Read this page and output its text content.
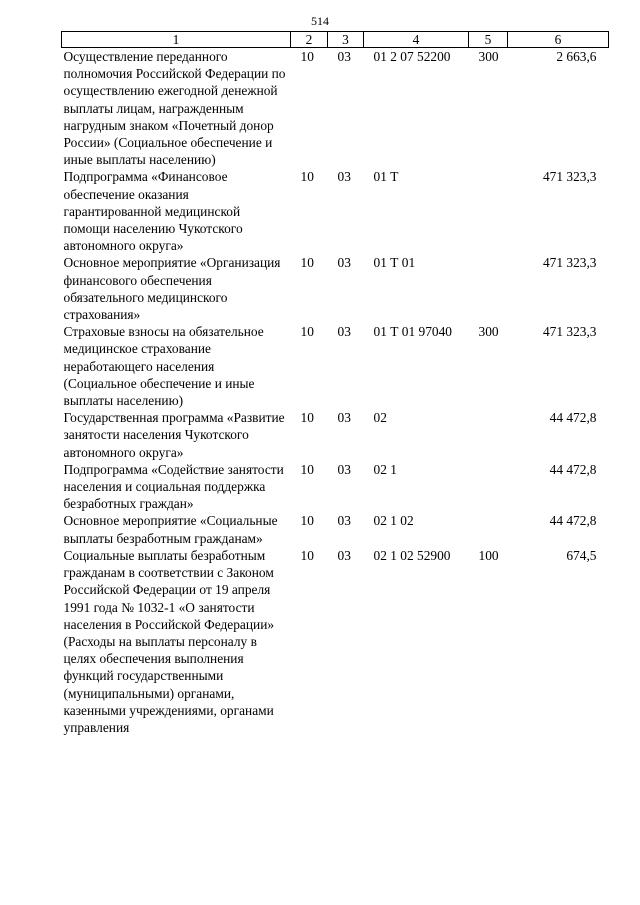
514
1	2	3	4	5	6
Осуществление переданного полномочия Российской Федерации по осуществлению ежегодной денежной выплаты лицам, награжденным нагрудным знаком «Почетный донор России» (Социальное обеспечение и иные выплаты населению)	10	03	01 2 07 52200	300	2 663,6
Подпрограмма «Финансовое обеспечение оказания гарантированной медицинской помощи населению Чукотского автономного округа»	10	03	01 Т		471 323,3
Основное мероприятие «Организация финансового обеспечения обязательного медицинского страхования»	10	03	01 Т 01		471 323,3
Страховые взносы на обязательное медицинское страхование неработающего населения (Социальное обеспечение и иные выплаты населению)	10	03	01 Т 01 97040	300	471 323,3
Государственная программа «Развитие занятости населения Чукотского автономного округа»	10	03	02		44 472,8
Подпрограмма «Содействие занятости населения и социальная поддержка безработных граждан»	10	03	02 1		44 472,8
Основное мероприятие «Социальные выплаты безработным гражданам»	10	03	02 1 02		44 472,8
Социальные выплаты безработным гражданам в соответствии с Законом Российской Федерации от 19 апреля 1991 года № 1032-1 «О занятости населения в Российской Федерации» (Расходы на выплаты персоналу в целях обеспечения выполнения функций государственными (муниципальными) органами, казенными учреждениями, органами управления	10	03	02 1 02 52900	100	674,5
